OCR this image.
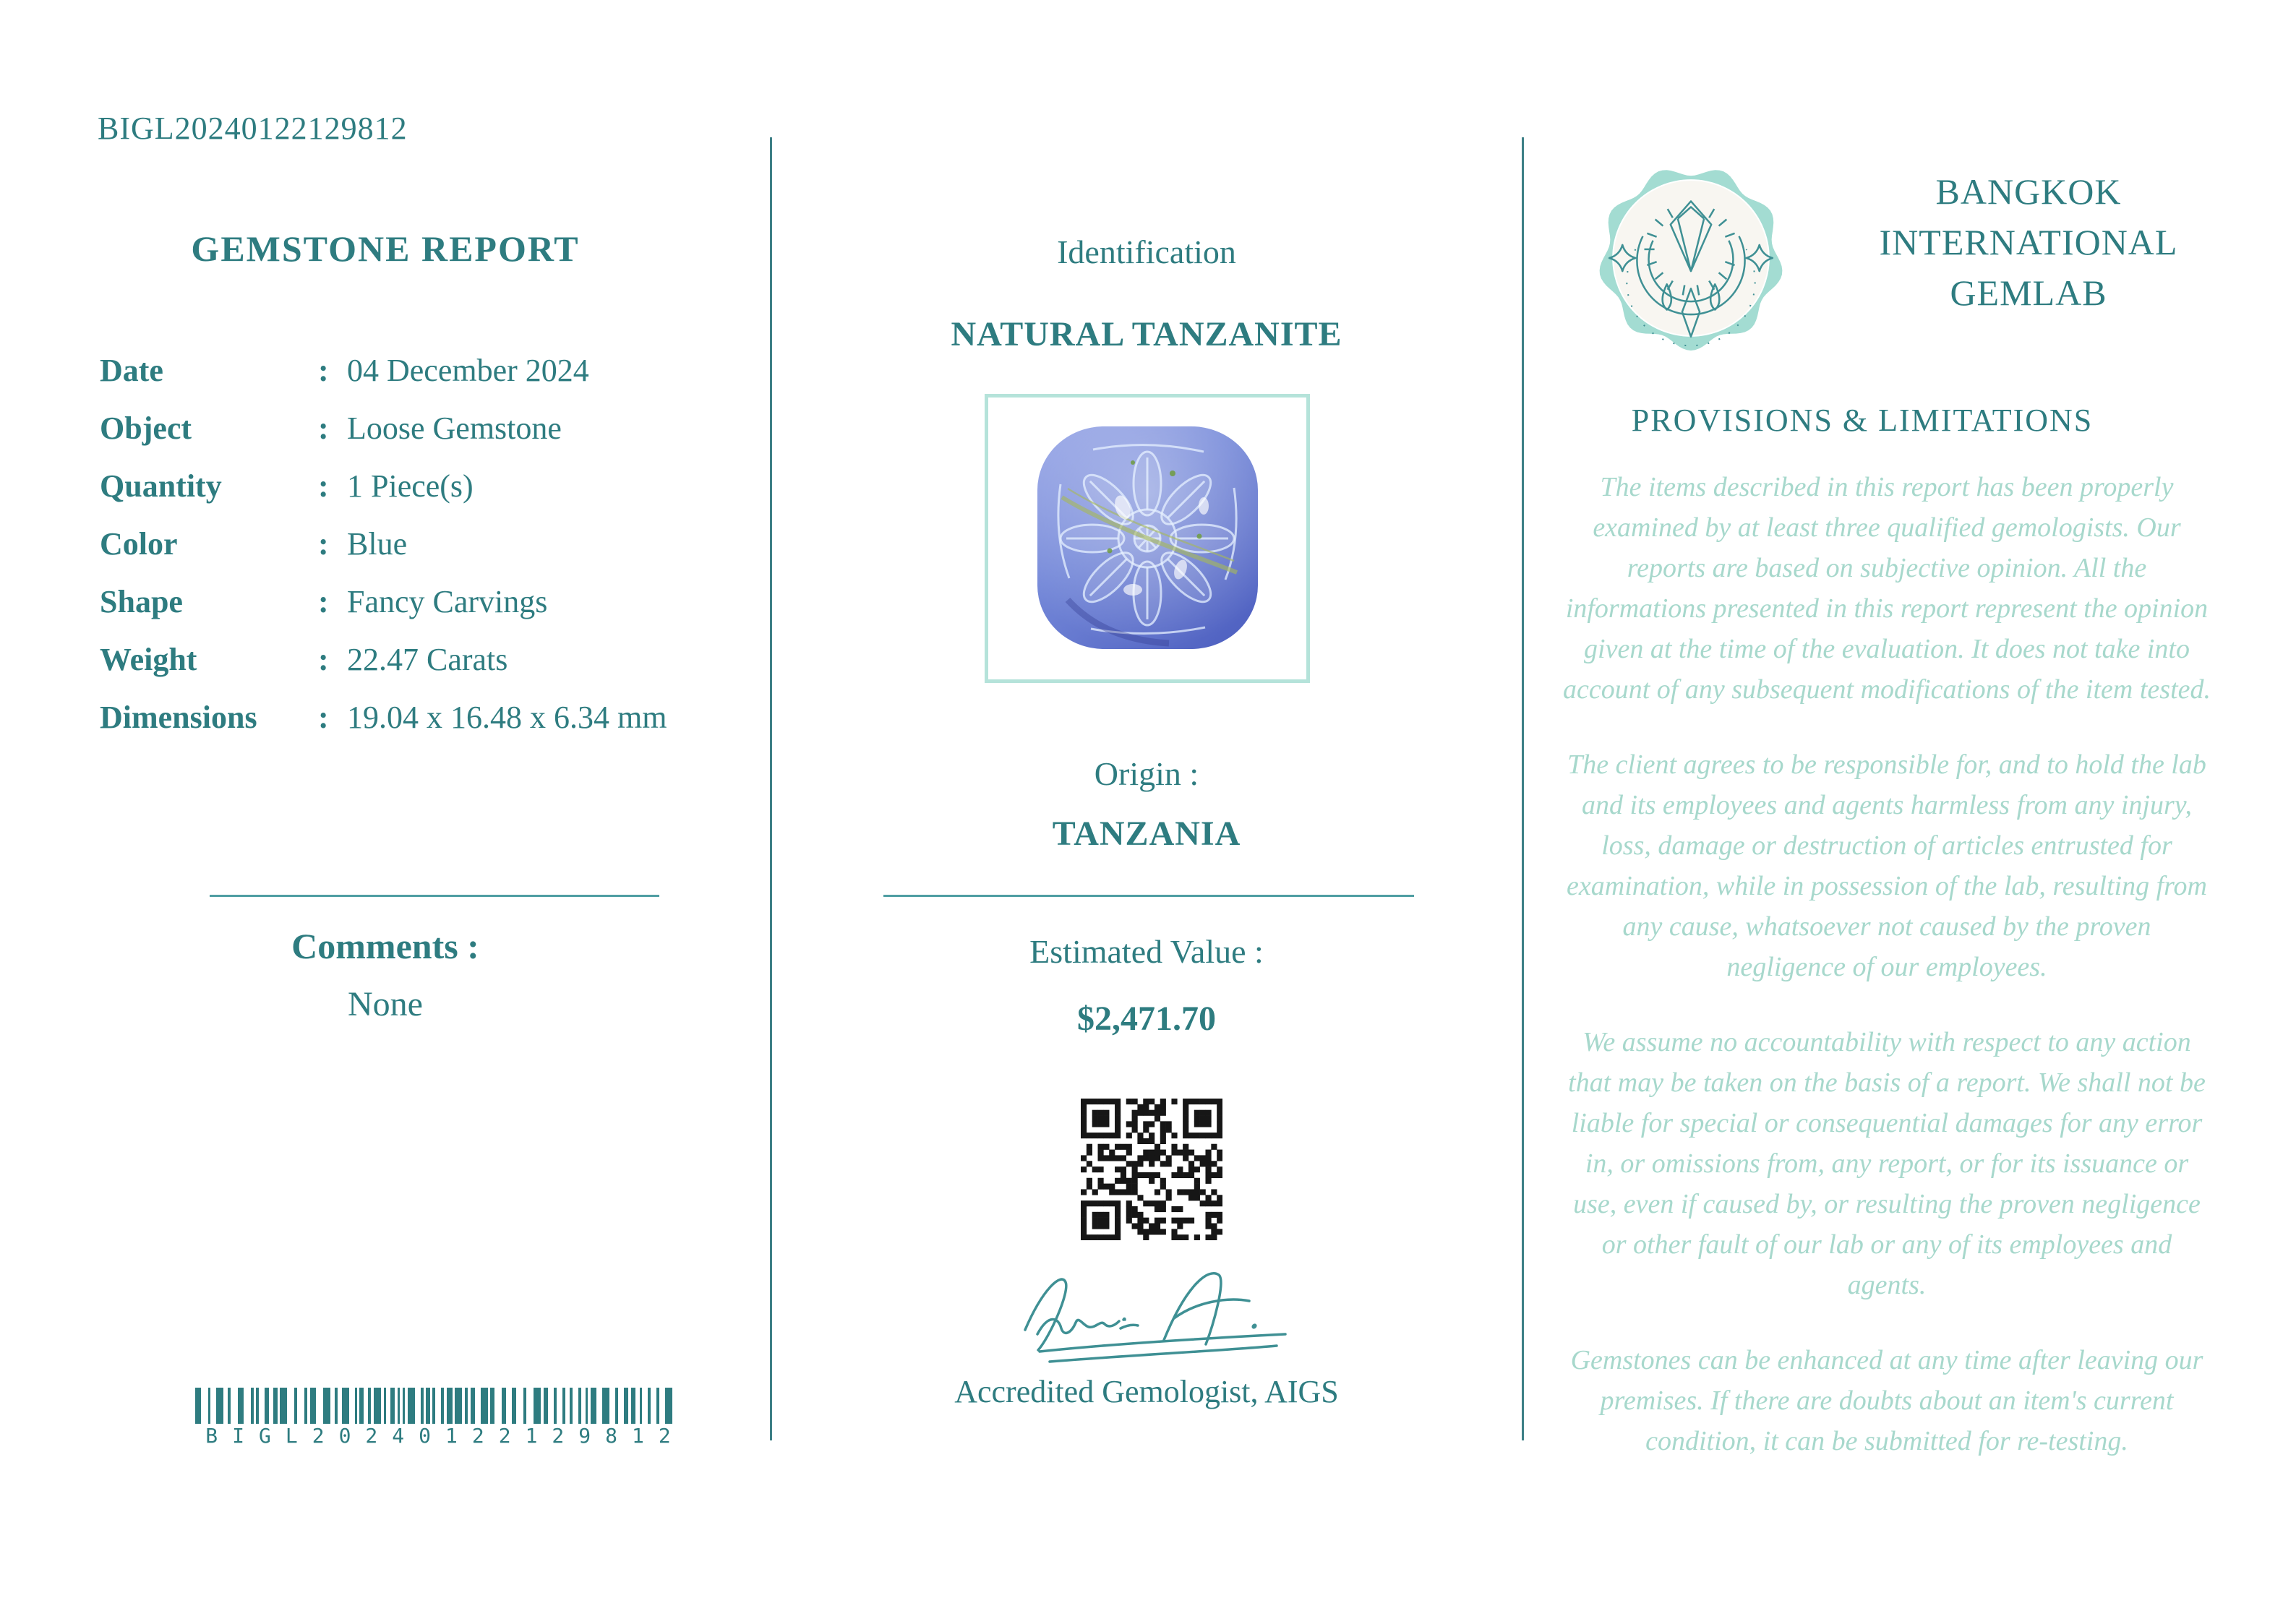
BIGL20240122129812
GEMSTONE REPORT
Date	: 04 December 2024
Object	: Loose Gemstone
Quantity	: 1 Piece(s)
Color	: Blue
Shape	: Fancy Carvings
Weight	: 22.47 Carats
Dimensions	: 19.04 x 16.48 x 6.34 mm
Comments :
None
BIGL20240122129812
Identification
NATURAL TANZANITE
Origin :
TANZANIA
Estimated Value :
$2,471.70
Accredited Gemologist, AIGS
BANGKOK
INTERNATIONAL
GEMLAB
PROVISIONS & LIMITATIONS

The items described in this report has been properly examined by at least three qualified gemologists. Our reports are based on subjective opinion. All the informations presented in this report represent the opinion given at the time of the evaluation. It does not take into account of any subsequent modifications of the item tested.

The client agrees to be responsible for, and to hold the lab and its employees and agents harmless from any injury, loss, damage or destruction of articles entrusted for examination, while in possession of the lab, resulting from any cause, whatsoever not caused by the proven negligence of our employees.

We assume no accountability with respect to any action that may be taken on the basis of a report. We shall not be liable for special or consequential damages for any error in, or omissions from, any report, or for its issuance or use, even if caused by, or resulting the proven negligence or other fault of our lab or any of its employees and agents.

Gemstones can be enhanced at any time after leaving our premises. If there are doubts about an item's current condition, it can be submitted for re-testing.
